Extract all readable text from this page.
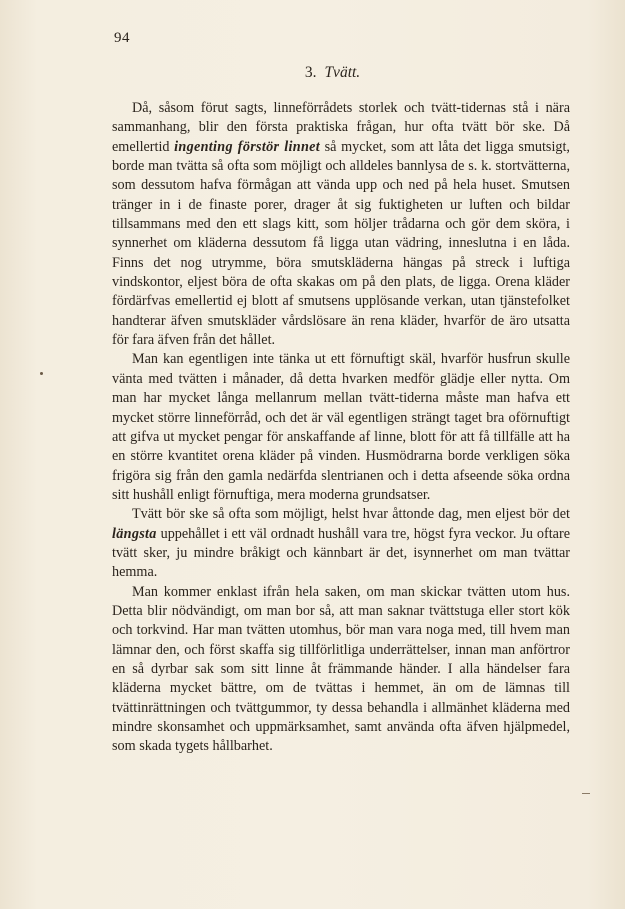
94
3. Tvätt.

Då, såsom förut sagts, linneförrådets storlek och tvätt-tidernas stå i nära sammanhang, blir den första praktiska frågan, hur ofta tvätt bör ske. Då emellertid ingenting förstör linnet så mycket, som att låta det ligga smutsigt, borde man tvätta så ofta som möjligt och alldeles bannlysa de s. k. stortvätterna, som dessutom hafva förmågan att vända upp och ned på hela huset. Smutsen tränger in i de finaste porer, drager åt sig fuktigheten ur luften och bildar tillsammans med den ett slags kitt, som höljer trådarna och gör dem sköra, i synnerhet om kläderna dessutom få ligga utan vädring, inneslutna i en låda. Finns det nog utrymme, böra smutskläderna hängas på streck i luftiga vindskontor, eljest böra de ofta skakas om på den plats, de ligga. Orena kläder fördärfvas emellertid ej blott af smutsens upplösande verkan, utan tjänstefolket handterar äfven smutskläder vårdslösare än rena kläder, hvarför de äro utsatta för fara äfven från det hållet.

Man kan egentligen inte tänka ut ett förnuftigt skäl, hvarför husfrun skulle vänta med tvätten i månader, då detta hvarken medför glädje eller nytta. Om man har mycket långa mellanrum mellan tvätt-tiderna måste man hafva ett mycket större linneförråd, och det är väl egentligen strängt taget bra oförnuftigt att gifva ut mycket pengar för anskaffande af linne, blott för att få tillfälle att ha en större kvantitet orena kläder på vinden. Husmödrarna borde verkligen söka frigöra sig från den gamla nedärfda slentrianen och i detta afseende söka ordna sitt hushåll enligt förnuftiga, mera moderna grundsatser.

Tvätt bör ske så ofta som möjligt, helst hvar åttonde dag, men eljest bör det längsta uppehållet i ett väl ordnadt hushåll vara tre, högst fyra veckor. Ju oftare tvätt sker, ju mindre bråkigt och kännbart är det, isynnerhet om man tvättar hemma.

Man kommer enklast ifrån hela saken, om man skickar tvätten utom hus. Detta blir nödvändigt, om man bor så, att man saknar tvättstuga eller stort kök och torkvind. Har man tvätten utomhus, bör man vara noga med, till hvem man lämnar den, och först skaffa sig tillförlitliga underrättelser, innan man anförtror en så dyrbar sak som sitt linne åt främmande händer. I alla händelser fara kläderna mycket bättre, om de tvättas i hemmet, än om de lämnas till tvättinrättningen och tvättgummor, ty dessa behandla i allmänhet kläderna med mindre skonsamhet och uppmärksamhet, samt använda ofta äfven hjälpmedel, som skada tygets hållbarhet.
